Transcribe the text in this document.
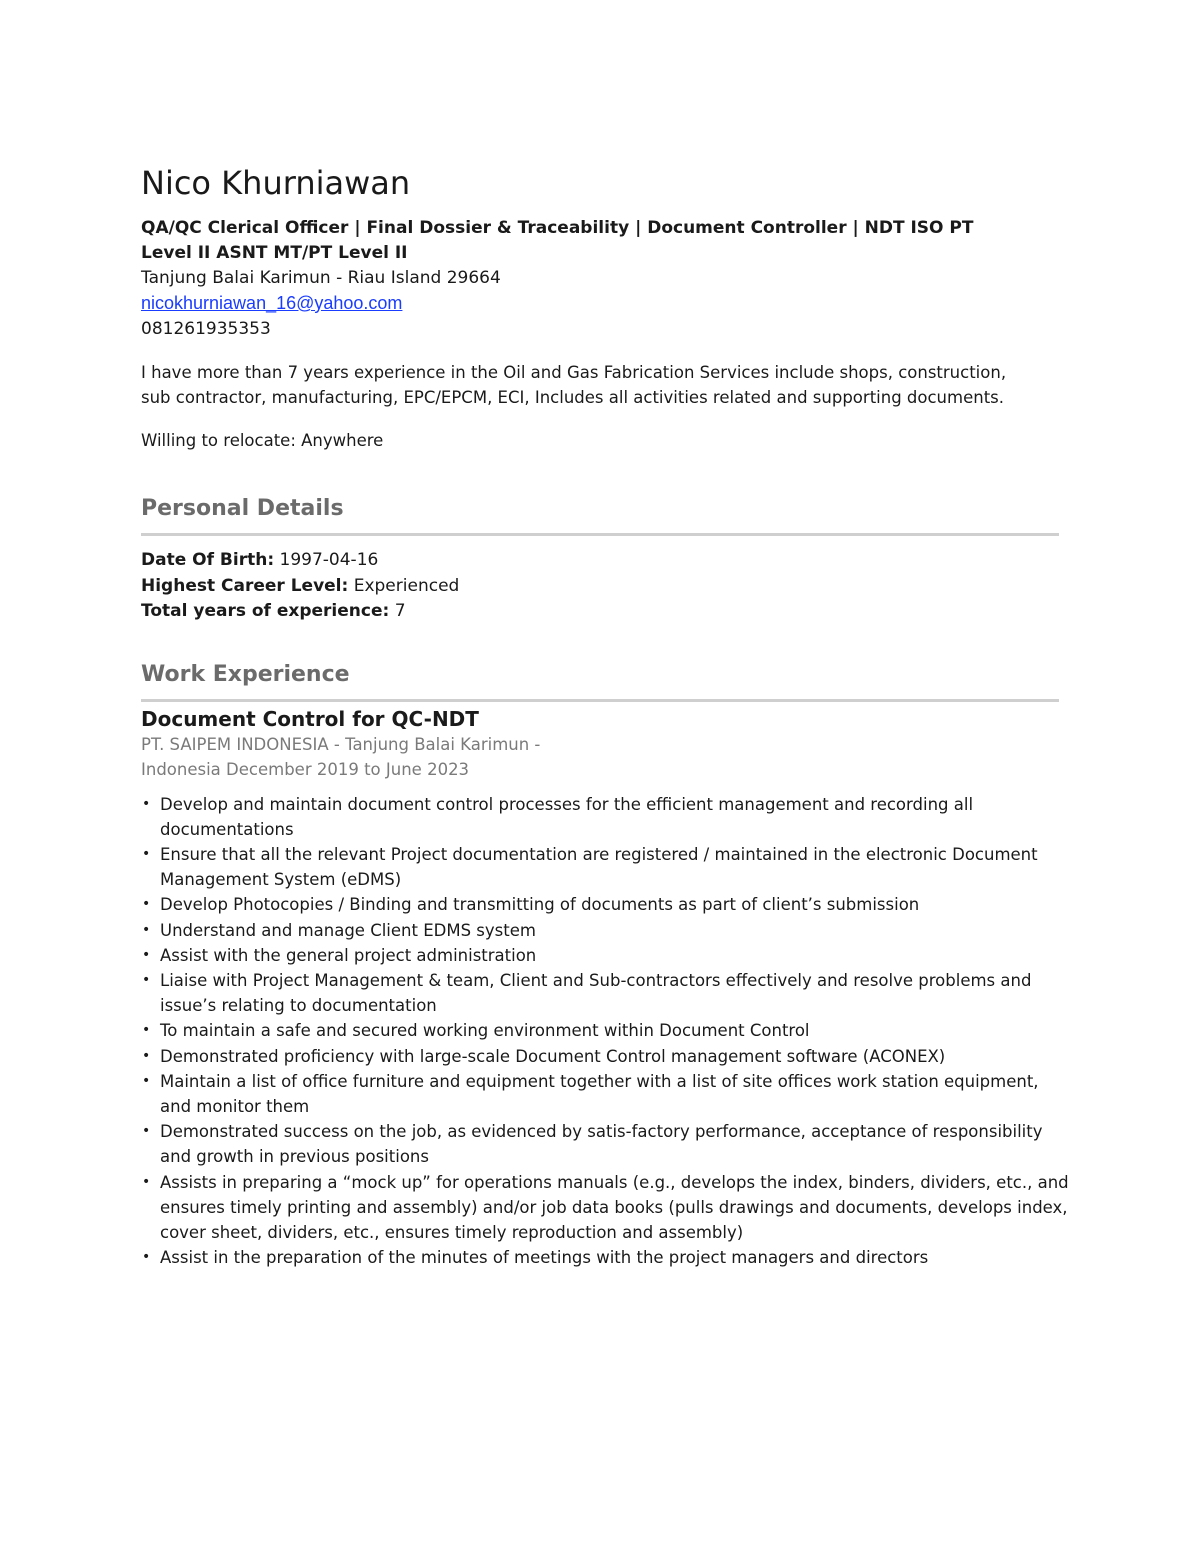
Nico Khurniawan

QA/QC Clerical Officer | Final Dossier & Traceability | Document Controller | NDT ISO PT Level II ASNT MT/PT Level II

Tanjung Balai Karimun - Riau Island 29664

nicokhurniawan_16@yahoo.com

081261935353

I have more than 7 years experience in the Oil and Gas Fabrication Services include shops, construction, sub contractor, manufacturing, EPC/EPCM, ECI, Includes all activities related and supporting documents.

Willing to relocate: Anywhere

Personal Details
Date Of Birth: 1997-04-16
Highest Career Level: Experienced
Total years of experience: 7
Work Experience
Document Control for QC-NDT

PT. SAIPEM INDONESIA - Tanjung Balai Karimun - Indonesia December 2019 to June 2023

• Develop and maintain document control processes for the efficient management and recording all documentations
• Ensure that all the relevant Project documentation are registered / maintained in the electronic Document Management System (eDMS)
• Develop Photocopies / Binding and transmitting of documents as part of client’s submission
• Understand and manage Client EDMS system
• Assist with the general project administration
• Liaise with Project Management & team, Client and Sub-contractors effectively and resolve problems and issue’s relating to documentation
• To maintain a safe and secured working environment within Document Control
• Demonstrated proficiency with large-scale Document Control management software (ACONEX)
• Maintain a list of office furniture and equipment together with a list of site offices work station equipment, and monitor them
• Demonstrated success on the job, as evidenced by satis-factory performance, acceptance of responsibility and growth in previous positions
• Assists in preparing a “mock up” for operations manuals (e.g., develops the index, binders, dividers, etc., and ensures timely printing and assembly) and/or job data books (pulls drawings and documents, develops index, cover sheet, dividers, etc., ensures timely reproduction and assembly)
• Assist in the preparation of the minutes of meetings with the project managers and directors
